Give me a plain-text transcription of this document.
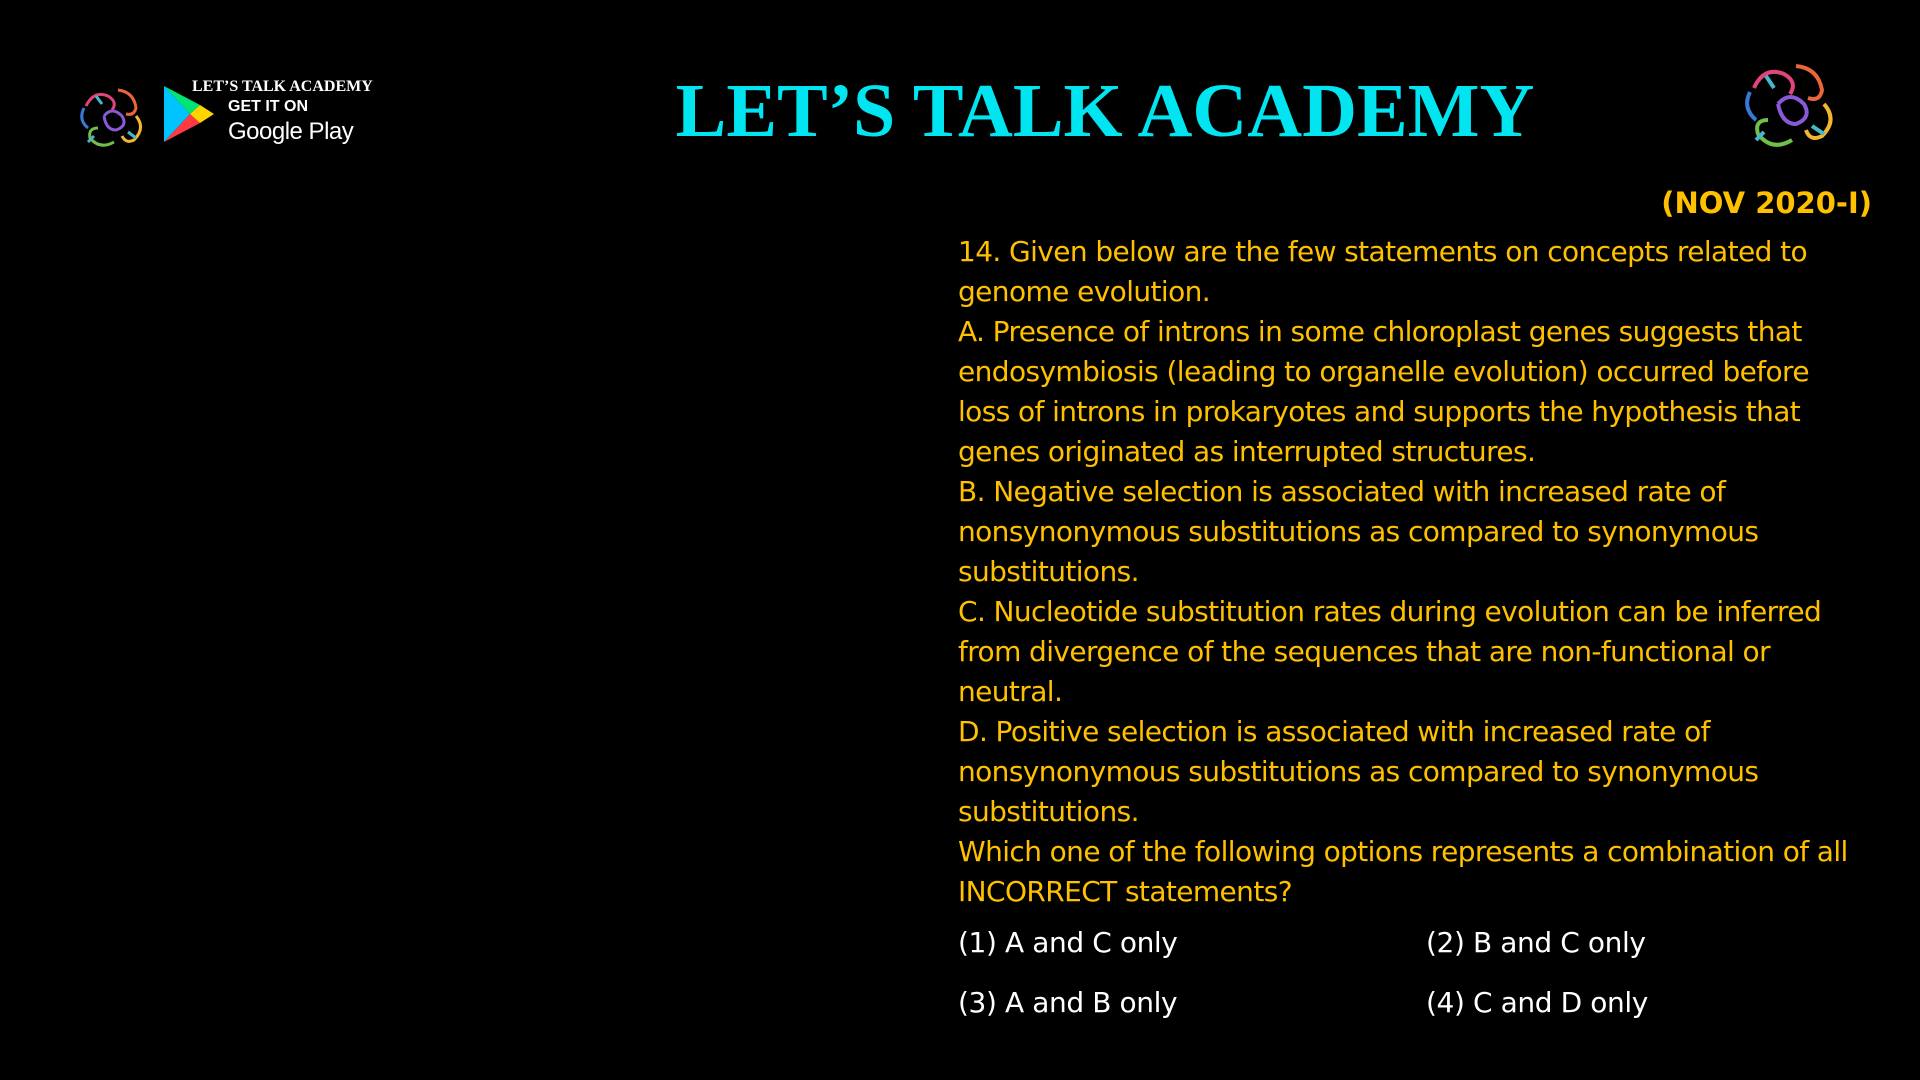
LET’S TALK ACADEMY
GET IT ON
Google Play	LET’S TALK ACADEMY
(NOV 2020-I)

14. Given below are the few statements on concepts related to genome evolution.

A. Presence of introns in some chloroplast genes suggests that endosymbiosis (leading to organelle evolution) occurred before loss of introns in prokaryotes and supports the hypothesis that genes originated as interrupted structures.

B. Negative selection is associated with increased rate of nonsynonymous substitutions as compared to synonymous substitutions.

C. Nucleotide substitution rates during evolution can be inferred from divergence of the sequences that are non-functional or neutral.

D. Positive selection is associated with increased rate of nonsynonymous substitutions as compared to synonymous substitutions.

Which one of the following options represents a combination of all INCORRECT statements?

(1) A and C only	(2) B and C only
(3) A and B only	(4) C and D only
